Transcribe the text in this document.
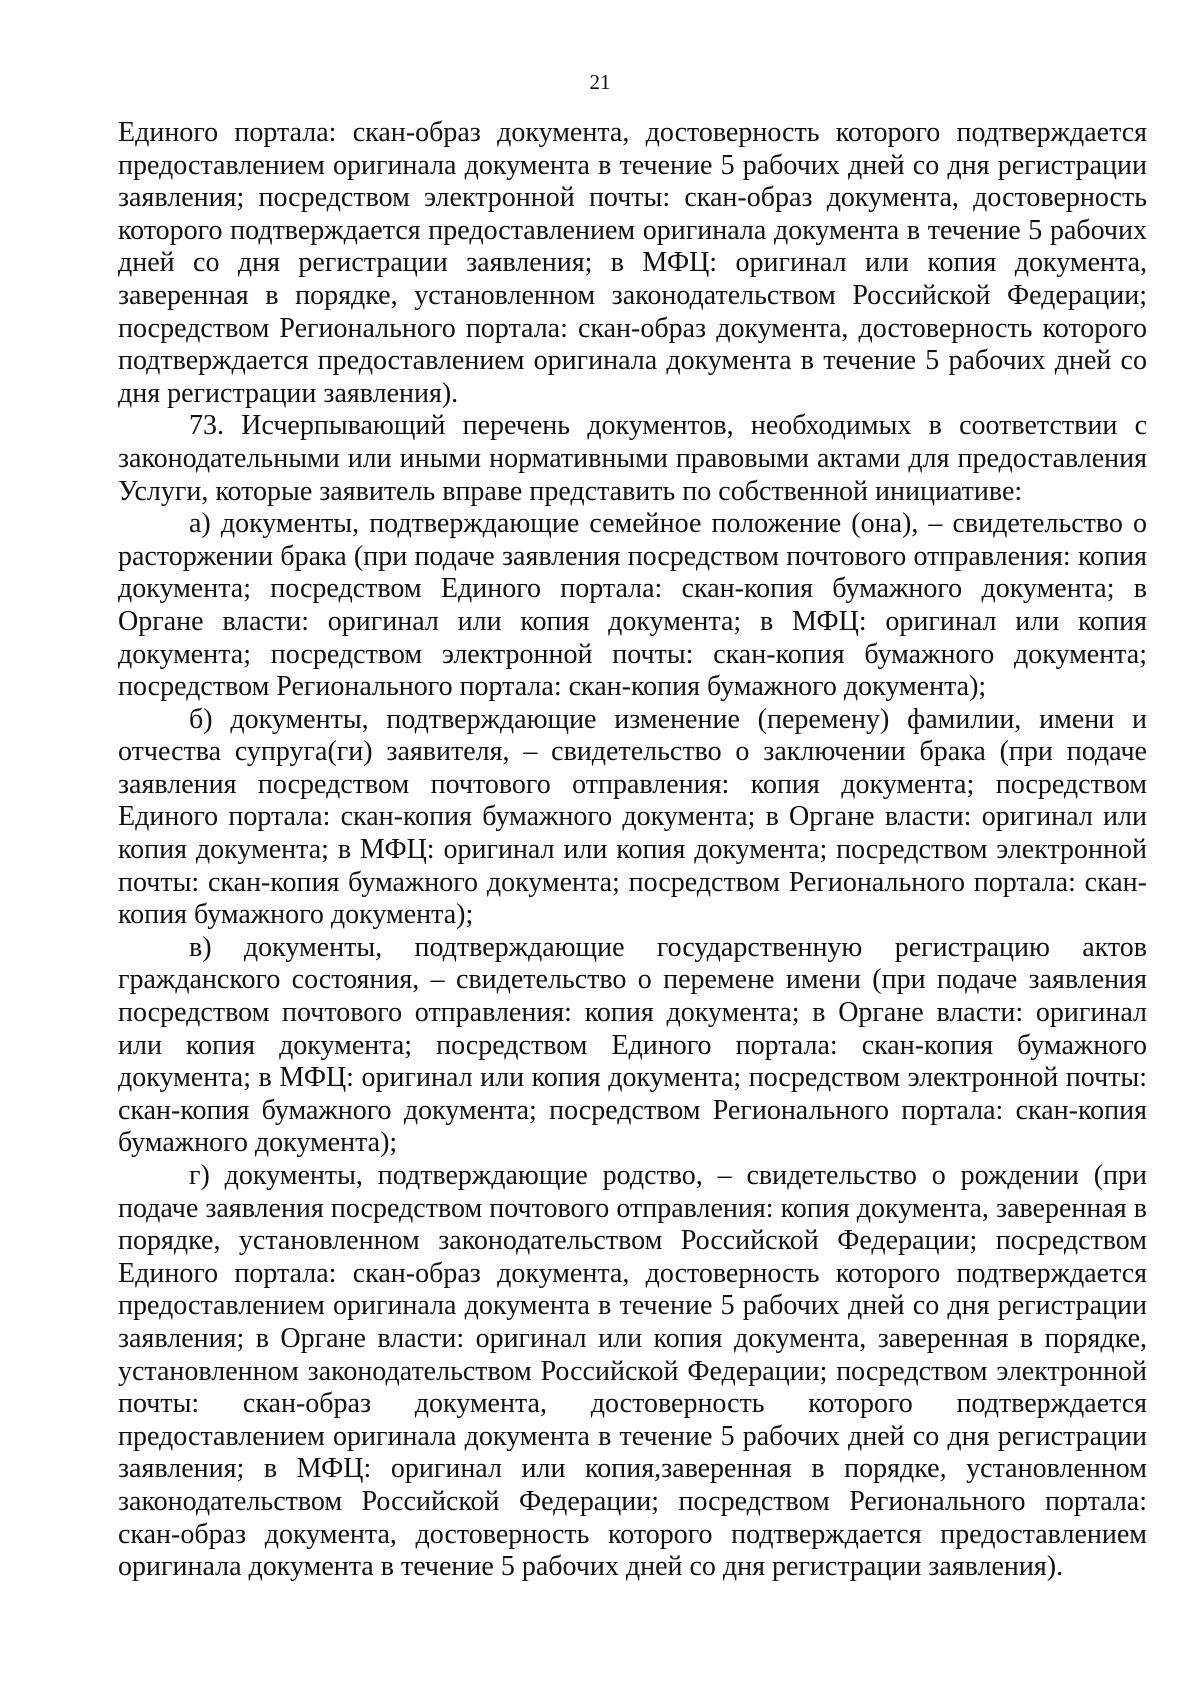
21

Единого портала: скан-образ документа, достоверность которого подтверждается предоставлением оригинала документа в течение 5 рабочих дней со дня регистрации заявления; посредством электронной почты: скан-образ документа, достоверность которого подтверждается предоставлением оригинала документа в течение 5 рабочих дней со дня регистрации заявления; в МФЦ: оригинал или копия документа, заверенная в порядке, установленном законодательством Российской Федерации; посредством Регионального портала: скан-образ документа, достоверность которого подтверждается предоставлением оригинала документа в течение 5 рабочих дней со дня регистрации заявления).

73. Исчерпывающий перечень документов, необходимых в соответствии с законодательными или иными нормативными правовыми актами для предоставления Услуги, которые заявитель вправе представить по собственной инициативе:

а) документы, подтверждающие семейное положение (она), – свидетельство о расторжении брака (при подаче заявления посредством почтового отправления: копия документа; посредством Единого портала: скан-копия бумажного документа; в Органе власти: оригинал или копия документа; в МФЦ: оригинал или копия документа; посредством электронной почты: скан-копия бумажного документа; посредством Регионального портала: скан-копия бумажного документа);

б) документы, подтверждающие изменение (перемену) фамилии, имени и отчества супруга(ги) заявителя, – свидетельство о заключении брака (при подаче заявления посредством почтового отправления: копия документа; посредством Единого портала: скан-копия бумажного документа; в Органе власти: оригинал или копия документа; в МФЦ: оригинал или копия документа; посредством электронной почты: скан-копия бумажного документа; посредством Регионального портала: скан-копия бумажного документа);

в) документы, подтверждающие государственную регистрацию актов гражданского состояния, – свидетельство о перемене имени (при подаче заявления посредством почтового отправления: копия документа; в Органе власти: оригинал или копия документа; посредством Единого портала: скан-копия бумажного документа; в МФЦ: оригинал или копия документа; посредством электронной почты: скан-копия бумажного документа; посредством Регионального портала: скан-копия бумажного документа);

г) документы, подтверждающие родство, – свидетельство о рождении (при подаче заявления посредством почтового отправления: копия документа, заверенная в порядке, установленном законодательством Российской Федерации; посредством Единого портала: скан-образ документа, достоверность которого подтверждается предоставлением оригинала документа в течение 5 рабочих дней со дня регистрации заявления; в Органе власти: оригинал или копия документа, заверенная в порядке, установленном законодательством Российской Федерации; посредством электронной почты: скан-образ документа, достоверность которого подтверждается предоставлением оригинала документа в течение 5 рабочих дней со дня регистрации заявления; в МФЦ: оригинал или копия,заверенная в порядке, установленном законодательством Российской Федерации; посредством Регионального портала: скан-образ документа, достоверность которого подтверждается предоставлением оригинала документа в течение 5 рабочих дней со дня регистрации заявления).
